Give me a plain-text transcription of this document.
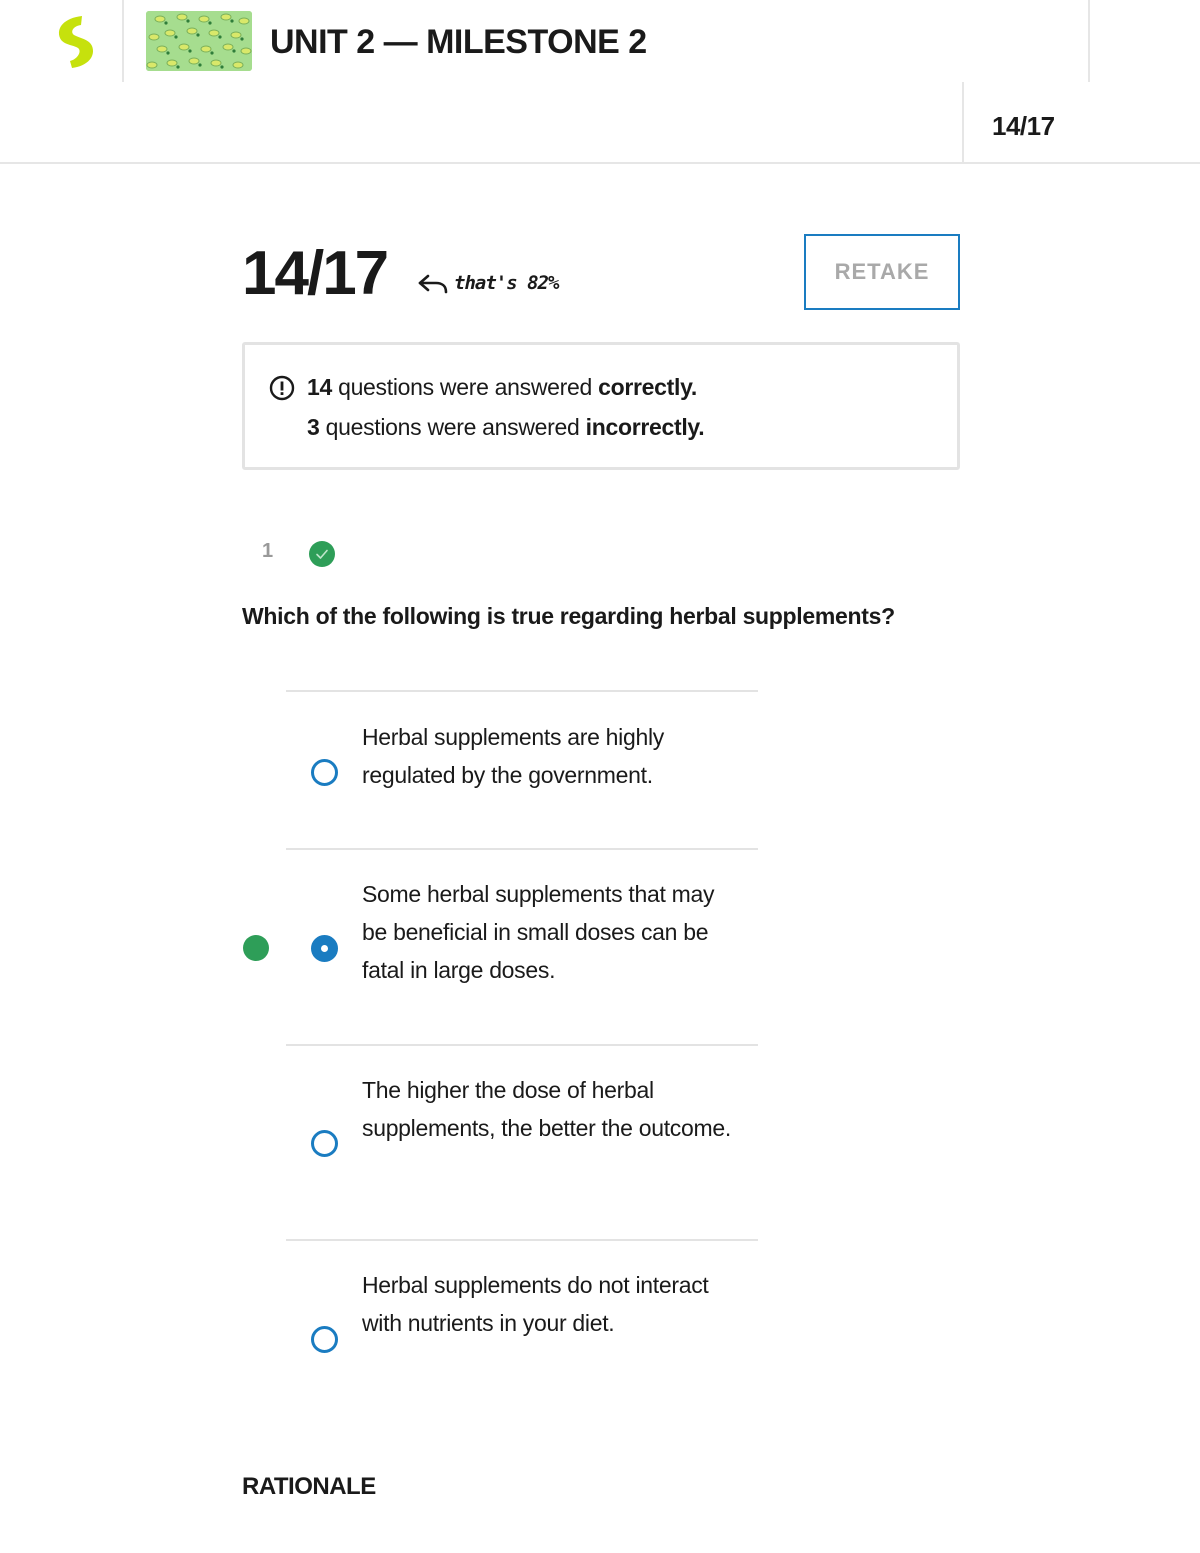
UNIT 2 — MILESTONE 2
14/17
14/17	that's 82%	RETAKE
14 questions were answered correctly.
3 questions were answered incorrectly.
1

Which of the following is true regarding herbal supplements?

Herbal supplements are highly regulated by the government.
Some herbal supplements that may be beneficial in small doses can be fatal in large doses.
The higher the dose of herbal supplements, the better the outcome.
Herbal supplements do not interact with nutrients in your diet.
RATIONALE
